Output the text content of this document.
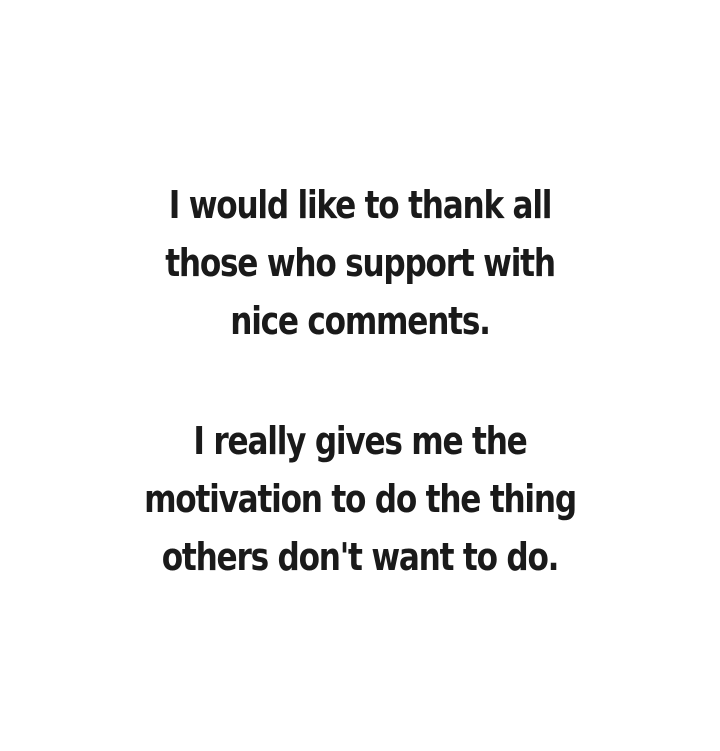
I would like to thank all
those who support with
nice comments.
I really gives me the
motivation to do the thing
others don't want to do.
